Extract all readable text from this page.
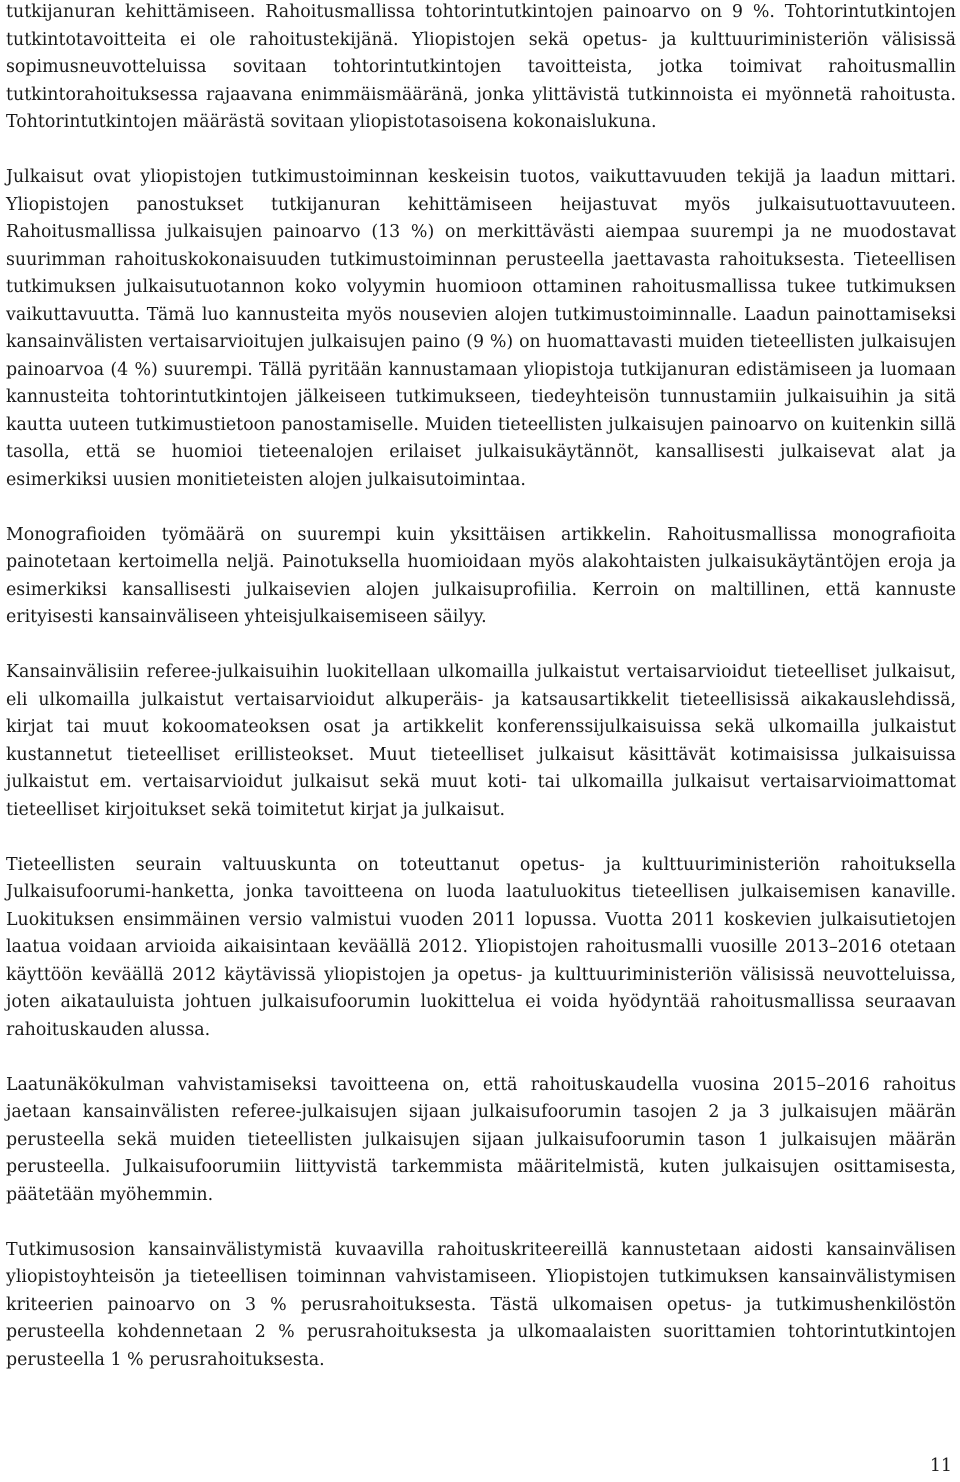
tutkijanuran kehittämiseen. Rahoitusmallissa tohtorintutkintojen painoarvo on 9 %. Tohtorintutkintojen tutkintotavoitteita ei ole rahoitustekijänä. Yliopistojen sekä opetus- ja kulttuuriministeriön välisissä sopimusneuvotteluissa sovitaan tohtorintutkintojen tavoitteista, jotka toimivat rahoitusmallin tutkintorahoituksessa rajaavana enimmäismääränä, jonka ylittävistä tutkinnoista ei myönnetä rahoitusta. Tohtorintutkintojen määrästä sovitaan yliopistotasoisena kokonaislukuna.

Julkaisut ovat yliopistojen tutkimustoiminnan keskeisin tuotos, vaikuttavuuden tekijä ja laadun mittari. Yliopistojen panostukset tutkijanuran kehittämiseen heijastuvat myös julkaisutuottavuuteen. Rahoitusmallissa julkaisujen painoarvo (13 %) on merkittävästi aiempaa suurempi ja ne muodostavat suurimman rahoituskokonaisuuden tutkimustoiminnan perusteella jaettavasta rahoituksesta. Tieteellisen tutkimuksen julkaisutuotannon koko volyymin huomioon ottaminen rahoitusmallissa tukee tutkimuksen vaikuttavuutta. Tämä luo kannusteita myös nousevien alojen tutkimustoiminnalle. Laadun painottamiseksi kansainvälisten vertaisarvioitujen julkaisujen paino (9 %) on huomattavasti muiden tieteellisten julkaisujen painoarvoa (4 %) suurempi. Tällä pyritään kannustamaan yliopistoja tutkijanuran edistämiseen ja luomaan kannusteita tohtorintutkintojen jälkeiseen tutkimukseen, tiedeyhteisön tunnustamiin julkaisuihin ja sitä kautta uuteen tutkimustietoon panostamiselle. Muiden tieteellisten julkaisujen painoarvo on kuitenkin sillä tasolla, että se huomioi tieteenalojen erilaiset julkaisukäytännöt, kansallisesti julkaisevat alat ja esimerkiksi uusien monitieteisten alojen julkaisutoimintaa.

Monografioiden työmäärä on suurempi kuin yksittäisen artikkelin. Rahoitusmallissa monografioita painotetaan kertoimella neljä. Painotuksella huomioidaan myös alakohtaisten julkaisukäytäntöjen eroja ja esimerkiksi kansallisesti julkaisevien alojen julkaisuprofiilia. Kerroin on maltillinen, että kannuste erityisesti kansainväliseen yhteisjulkaisemiseen säilyy.

Kansainvälisiin referee-julkaisuihin luokitellaan ulkomailla julkaistut vertaisarvioidut tieteelliset julkaisut, eli ulkomailla julkaistut vertaisarvioidut alkuperäis- ja katsausartikkelit tieteellisissä aikakauslehdissä, kirjat tai muut kokoomateoksen osat ja artikkelit konferenssijulkaisuissa sekä ulkomailla julkaistut kustannetut tieteelliset erillisteokset. Muut tieteelliset julkaisut käsittävät kotimaisissa julkaisuissa julkaistut em. vertaisarvioidut julkaisut sekä muut koti- tai ulkomailla julkaisut vertaisarvioimattomat tieteelliset kirjoitukset sekä toimitetut kirjat ja julkaisut.

Tieteellisten seurain valtuuskunta on toteuttanut opetus- ja kulttuuriministeriön rahoituksella Julkaisufoorumi-hanketta, jonka tavoitteena on luoda laatuluokitus tieteellisen julkaisemisen kanaville. Luokituksen ensimmäinen versio valmistui vuoden 2011 lopussa. Vuotta 2011 koskevien julkaisutietojen laatua voidaan arvioida aikaisintaan keväällä 2012. Yliopistojen rahoitusmalli vuosille 2013–2016 otetaan käyttöön keväällä 2012 käytävissä yliopistojen ja opetus- ja kulttuuriministeriön välisissä neuvotteluissa, joten aikatauluista johtuen julkaisufoorumin luokittelua ei voida hyödyntää rahoitusmallissa seuraavan rahoituskauden alussa.

Laatunäkökulman vahvistamiseksi tavoitteena on, että rahoituskaudella vuosina 2015–2016 rahoitus jaetaan kansainvälisten referee-julkaisujen sijaan julkaisufoorumin tasojen 2 ja 3 julkaisujen määrän perusteella sekä muiden tieteellisten julkaisujen sijaan julkaisufoorumin tason 1 julkaisujen määrän perusteella. Julkaisufoorumiin liittyvistä tarkemmista määritelmistä, kuten julkaisujen osittamisesta, päätetään myöhemmin.

Tutkimusosion kansainvälistymistä kuvaavilla rahoituskriteereillä kannustetaan aidosti kansainvälisen yliopistoyhteisön ja tieteellisen toiminnan vahvistamiseen. Yliopistojen tutkimuksen kansainvälistymisen kriteerien painoarvo on 3 % perusrahoituksesta. Tästä ulkomaisen opetus- ja tutkimushenkilöstön perusteella kohdennetaan 2 % perusrahoituksesta ja ulkomaalaisten suorittamien tohtorintutkintojen perusteella 1 % perusrahoituksesta.

11
